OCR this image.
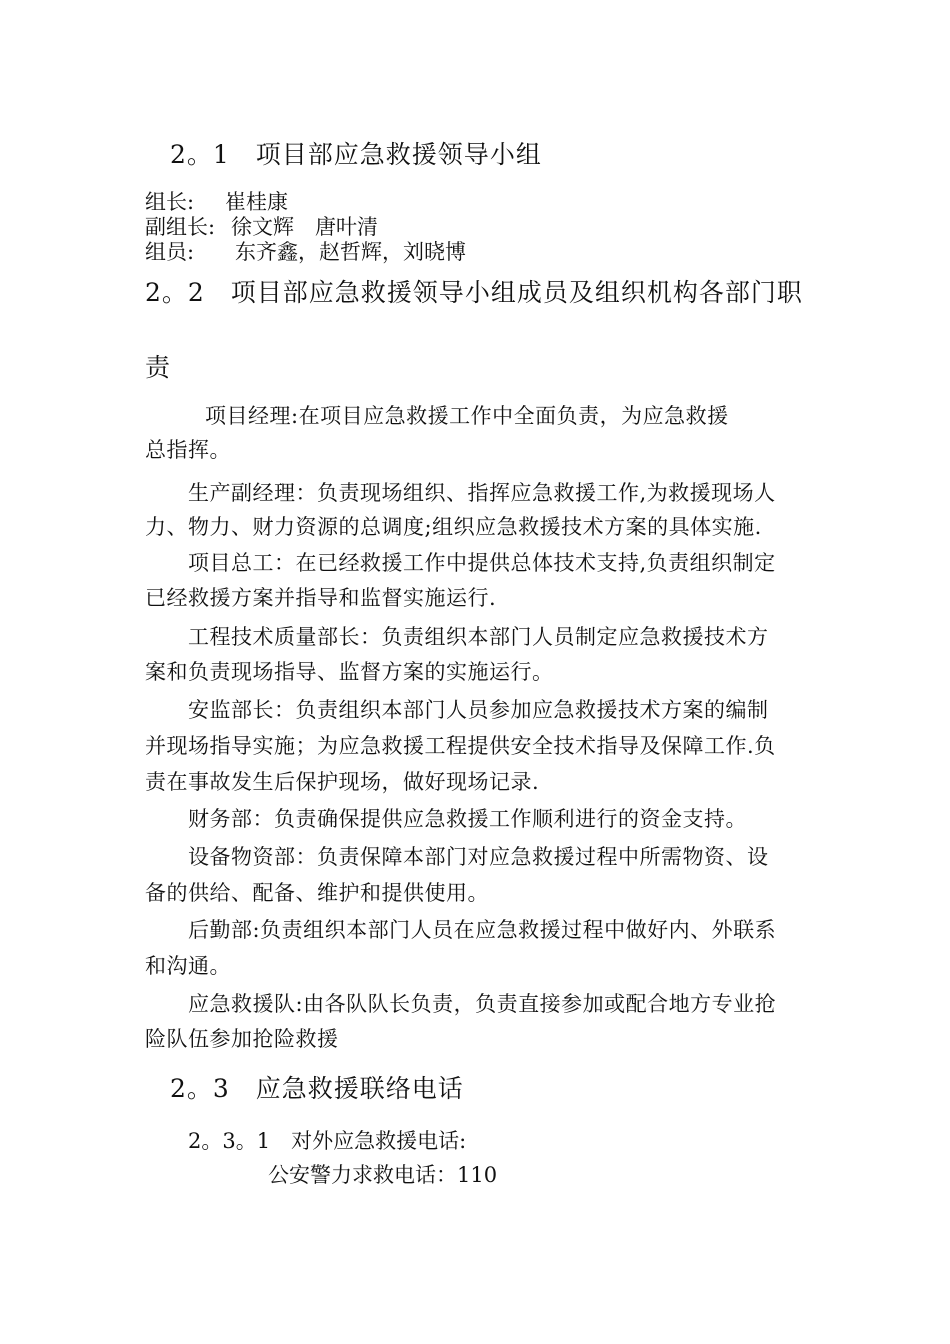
2。1　项目部应急救援领导小组
组长: 崔桂康
副组长: 徐文辉　唐叶清
组员: 东齐鑫，赵哲辉，刘晓博
2。2　项目部应急救援领导小组成员及组织机构各部门职
责
项目经理:在项目应急救援工作中全面负责，为应急救援
总指挥。
生产副经理：负责现场组织、指挥应急救援工作,为救援现场人
力、物力、财力资源的总调度;组织应急救援技术方案的具体实施.
项目总工：在已经救援工作中提供总体技术支持,负责组织制定
已经救援方案并指导和监督实施运行.
工程技术质量部长：负责组织本部门人员制定应急救援技术方
案和负责现场指导、监督方案的实施运行。
安监部长：负责组织本部门人员参加应急救援技术方案的编制
并现场指导实施；为应急救援工程提供安全技术指导及保障工作.负
责在事故发生后保护现场，做好现场记录.
财务部：负责确保提供应急救援工作顺利进行的资金支持。
设备物资部：负责保障本部门对应急救援过程中所需物资、设
备的供给、配备、维护和提供使用。
后勤部:负责组织本部门人员在应急救援过程中做好内、外联系
和沟通。
应急救援队:由各队队长负责，负责直接参加或配合地方专业抢
险队伍参加抢险救援
2。3　应急救援联络电话
2。3。1　对外应急救援电话:
公安警力求救电话：110
